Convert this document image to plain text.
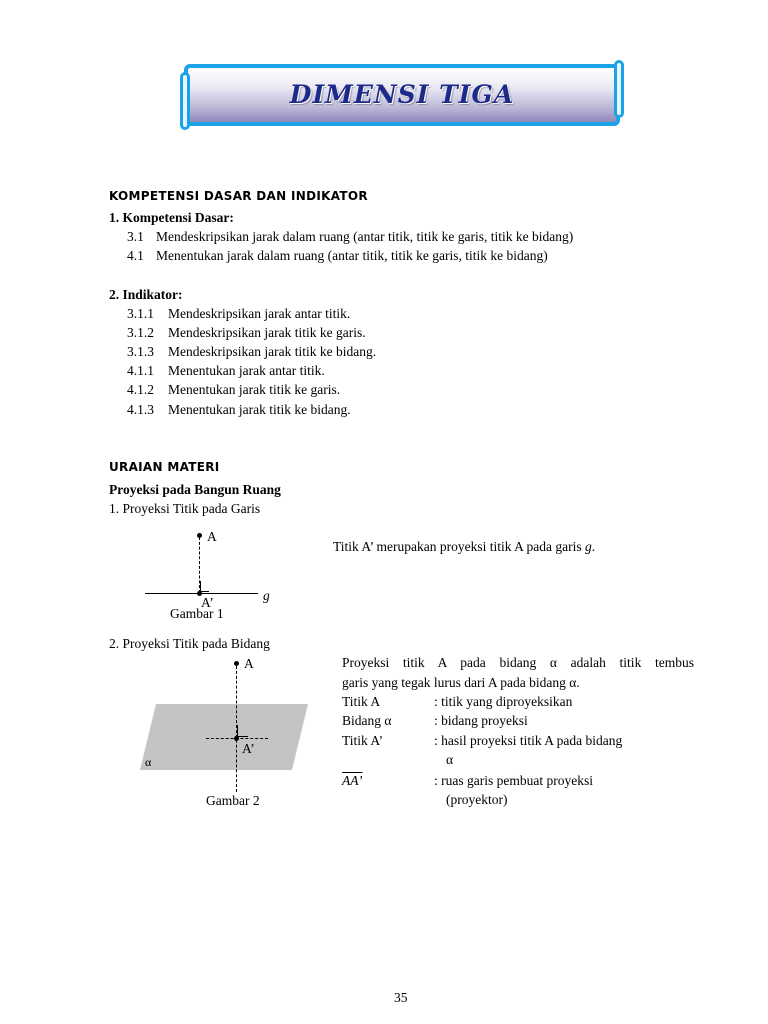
DIMENSI TIGA
KOMPETENSI DASAR DAN INDIKATOR
1. Kompetensi Dasar:
3.1 Mendeskripsikan jarak dalam ruang (antar titik, titik ke garis, titik ke bidang)
4.1 Menentukan jarak dalam ruang (antar titik, titik ke garis, titik ke bidang)
2. Indikator:
3.1.1 Mendeskripsikan jarak antar titik.
3.1.2 Mendeskripsikan jarak titik ke garis.
3.1.3 Mendeskripsikan jarak titik ke bidang.
4.1.1 Menentukan jarak antar titik.
4.1.2 Menentukan jarak titik ke garis.
4.1.3 Menentukan jarak titik ke bidang.
URAIAN MATERI
Proyeksi pada Bangun Ruang
1. Proyeksi Titik pada Garis
A
A’	g
Gambar 1
Titik A’ merupakan proyeksi titik A pada garis g.
2. Proyeksi Titik pada Bidang
A
A’
α
Gambar 2
Proyeksi titik A pada bidang α adalah titik tembus
garis yang tegak lurus dari A pada bidang α.
Titik A	: titik yang diproyeksikan
Bidang α	: bidang proyeksi
Titik A’	: hasil proyeksi titik A pada bidang
α
AA’	: ruas garis pembuat proyeksi
(proyektor)
35
